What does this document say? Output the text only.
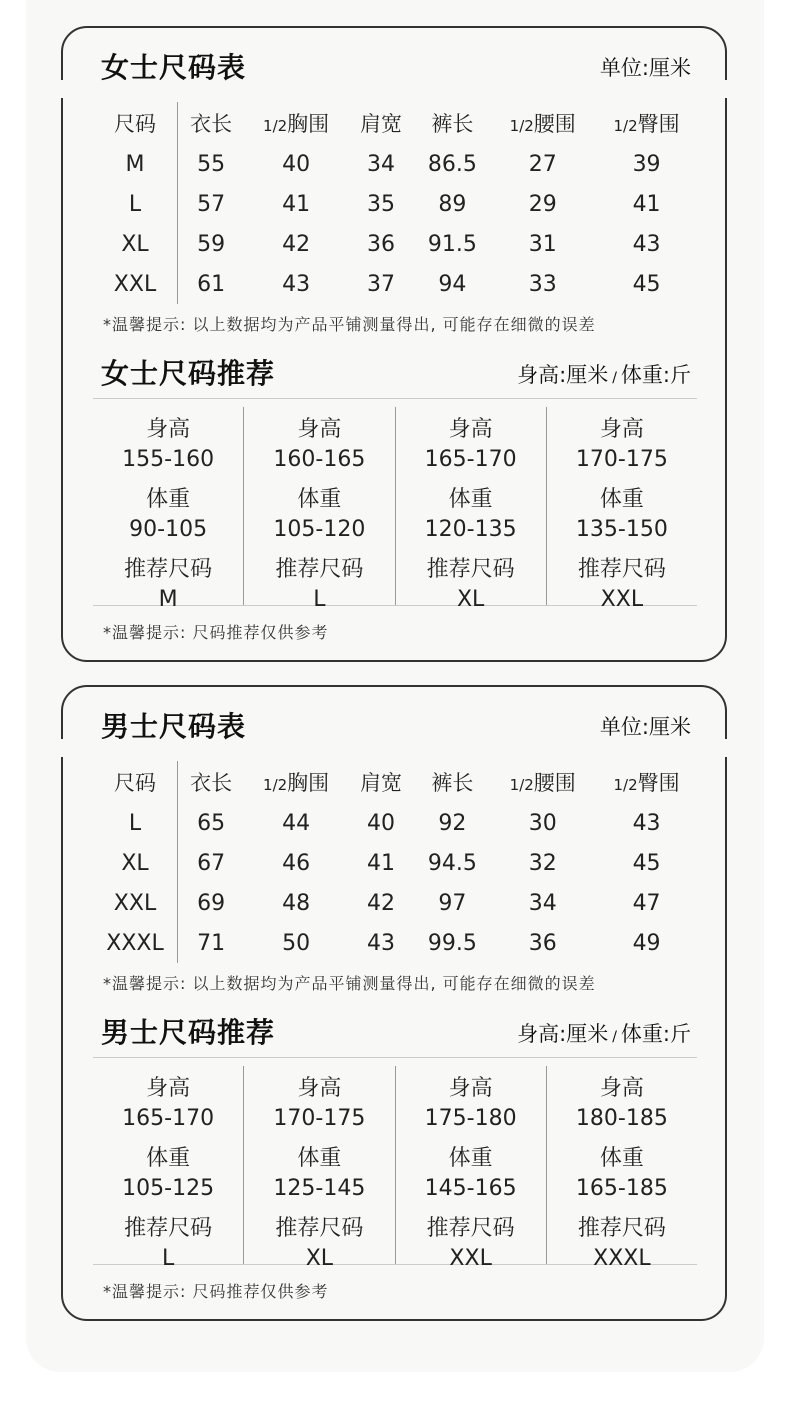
女士尺码表	单位:厘米
尺码	衣长	1/2胸围	肩宽	裤长	1/2腰围	1/2臀围
M	55	40	34	86.5	27	39
L	57	41	35	89	29	41
XL	59	42	36	91.5	31	43
XXL	61	43	37	94	33	45
*温馨提示: 以上数据均为产品平铺测量得出, 可能存在细微的误差
女士尺码推荐	身高:厘米 / 体重:斤
身高
155-160
体重
90-105
推荐尺码
M
身高
160-165
体重
105-120
推荐尺码
L
身高
165-170
体重
120-135
推荐尺码
XL
身高
170-175
体重
135-150
推荐尺码
XXL
*温馨提示: 尺码推荐仅供参考
男士尺码表	单位:厘米
尺码	衣长	1/2胸围	肩宽	裤长	1/2腰围	1/2臀围
L	65	44	40	92	30	43
XL	67	46	41	94.5	32	45
XXL	69	48	42	97	34	47
XXXL	71	50	43	99.5	36	49
*温馨提示: 以上数据均为产品平铺测量得出, 可能存在细微的误差
男士尺码推荐	身高:厘米 / 体重:斤
身高
165-170
体重
105-125
推荐尺码
L
身高
170-175
体重
125-145
推荐尺码
XL
身高
175-180
体重
145-165
推荐尺码
XXL
身高
180-185
体重
165-185
推荐尺码
XXXL
*温馨提示: 尺码推荐仅供参考
